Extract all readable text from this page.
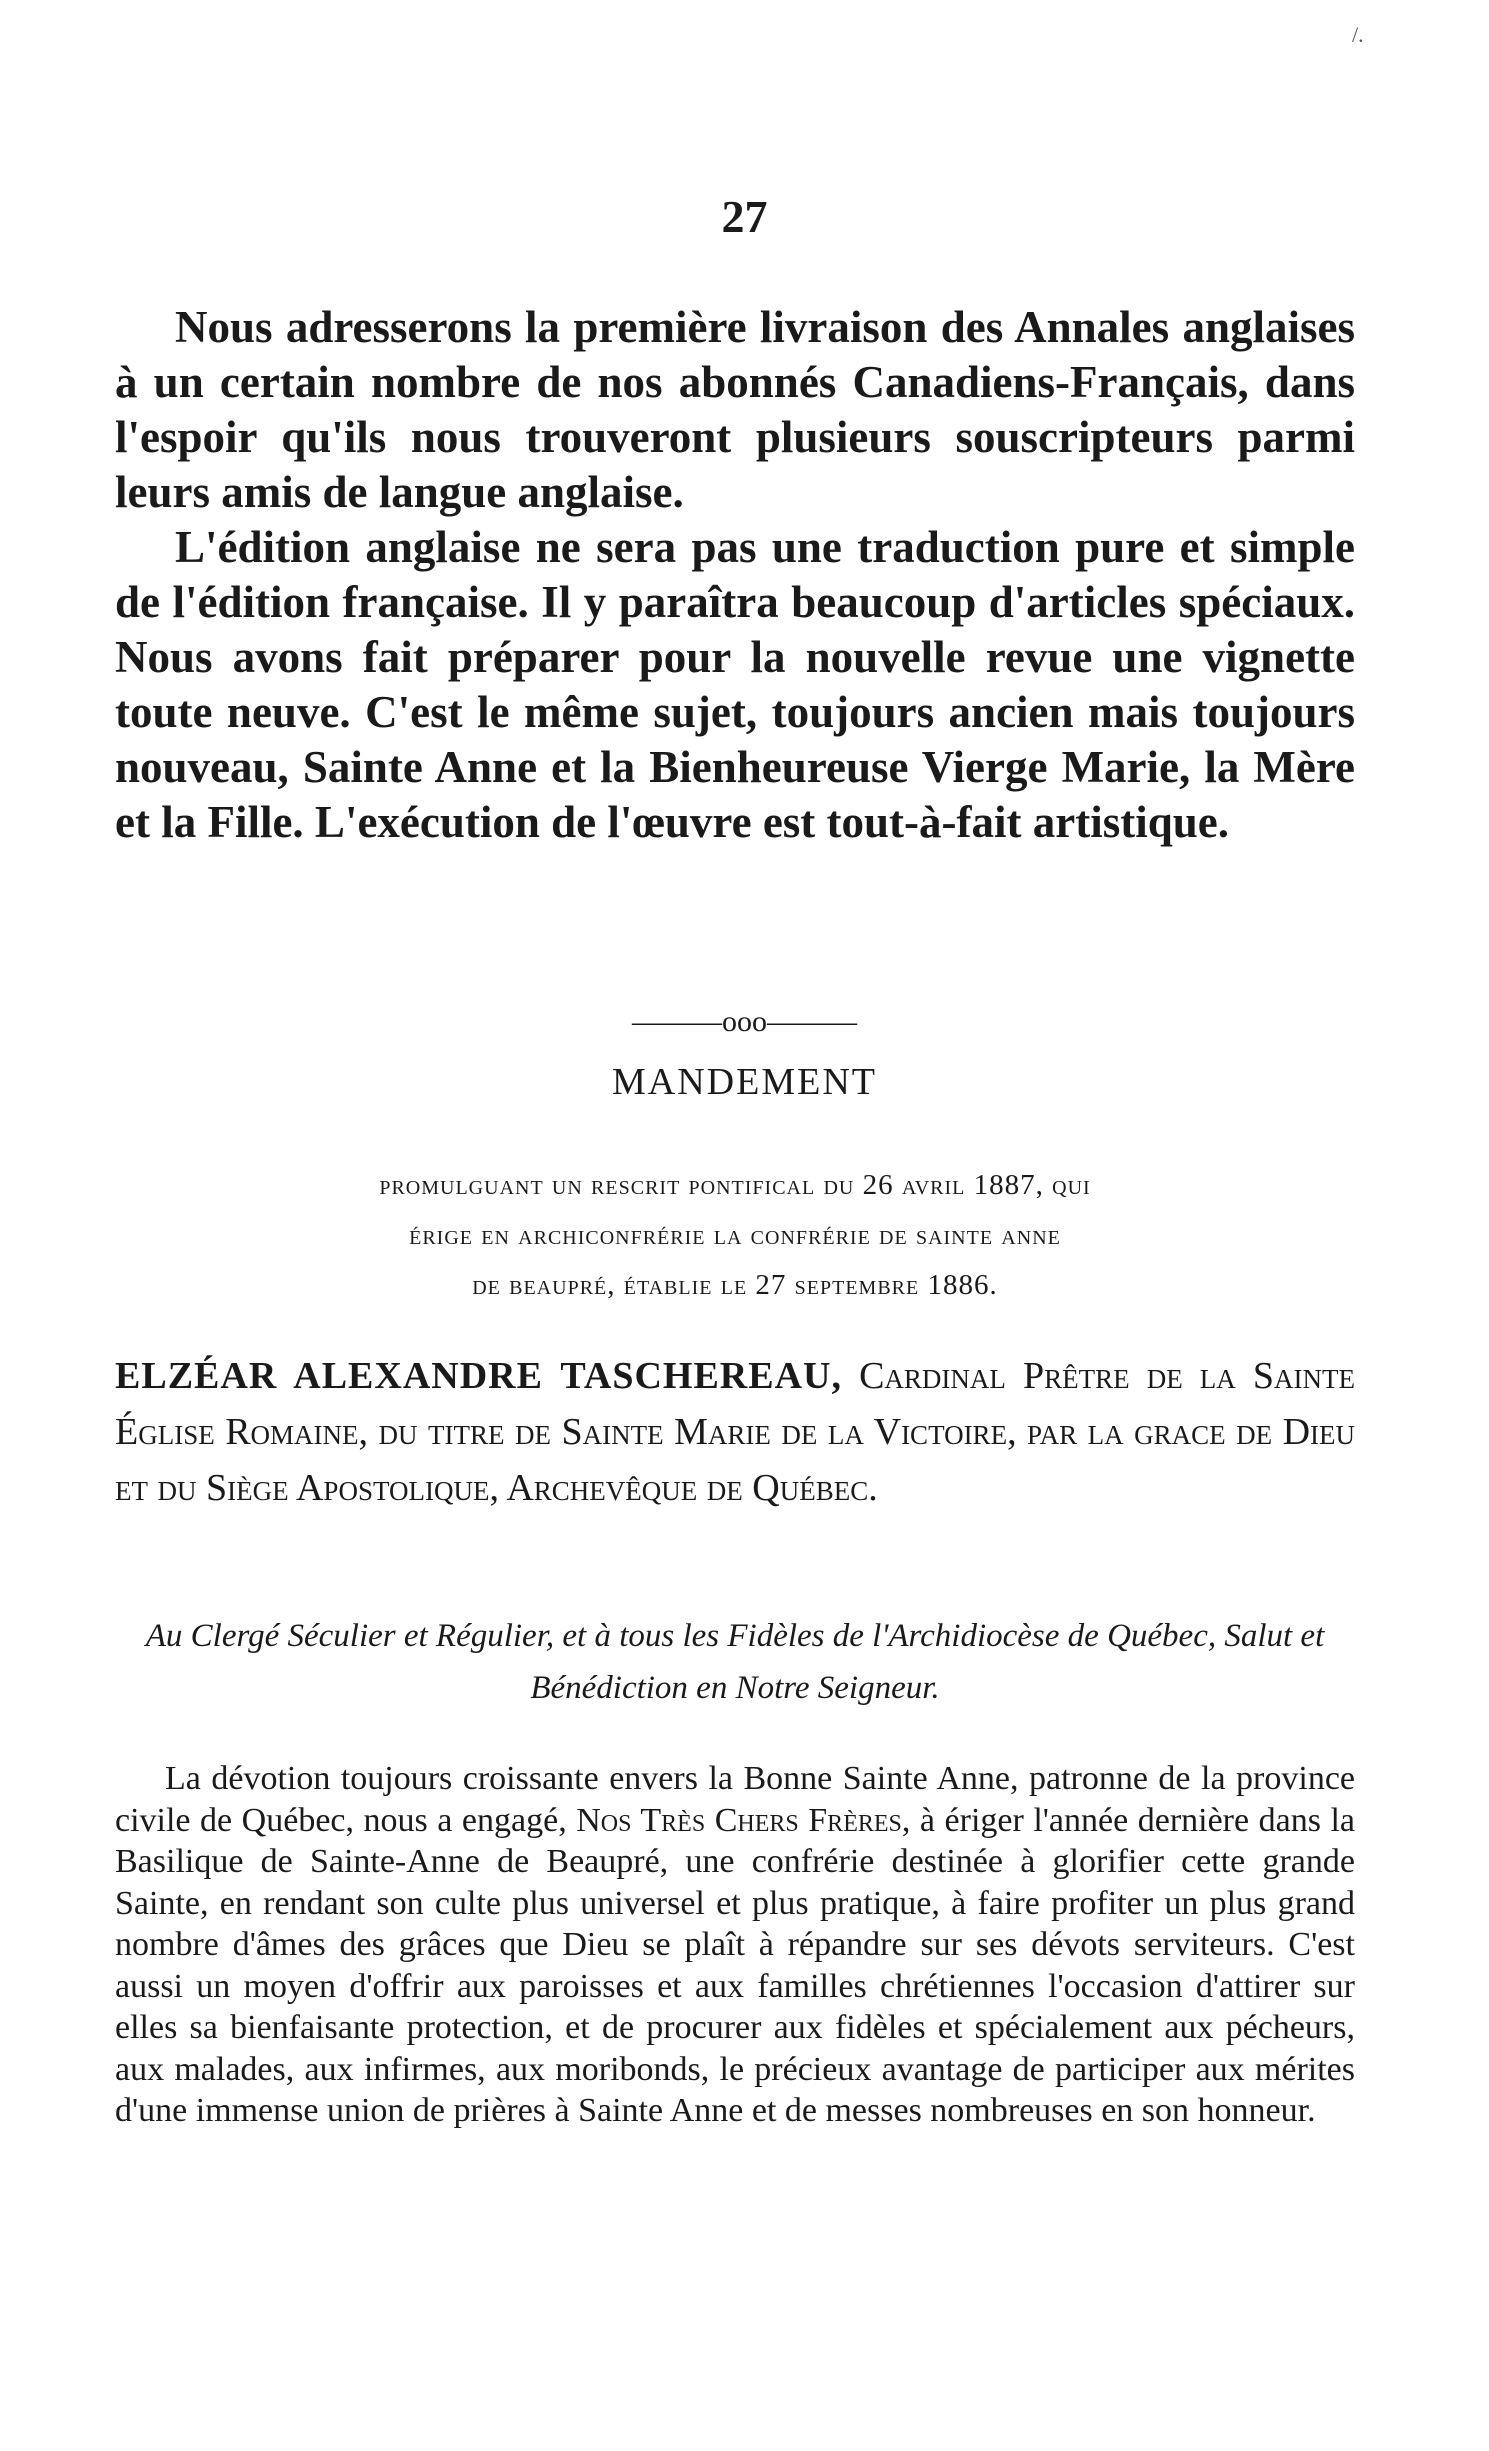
/.
27

Nous adresserons la première livraison des Annales anglaises à un certain nombre de nos abonnés Canadiens-Français, dans l'espoir qu'ils nous trouveront plusieurs souscripteurs parmi leurs amis de langue anglaise.

L'édition anglaise ne sera pas une traduction pure et simple de l'édition française. Il y paraîtra beaucoup d'articles spéciaux. Nous avons fait préparer pour la nouvelle revue une vignette toute neuve. C'est le même sujet, toujours ancien mais toujours nouveau, Sainte Anne et la Bienheureuse Vierge Marie, la Mère et la Fille. L'exécution de l'œuvre est tout-à-fait artistique.

———ooo———
MANDEMENT
promulguant un rescrit pontifical du 26 avril 1887, qui
érige en archiconfrérie la confrérie de sainte anne
de beaupré, établie le 27 septembre 1886.
ELZÉAR ALEXANDRE TASCHEREAU, Cardinal Prêtre de la Sainte Église Romaine, du titre de Sainte Marie de la Victoire, par la grace de Dieu et du Siège Apostolique, Archevêque de Québec.
Au Clergé Séculier et Régulier, et à tous les Fidèles de l'Archidiocèse de Québec, Salut et Bénédiction en Notre Seigneur.
La dévotion toujours croissante envers la Bonne Sainte Anne, patronne de la province civile de Québec, nous a engagé, Nos Très Chers Frères, à ériger l'année dernière dans la Basilique de Sainte-Anne de Beaupré, une confrérie destinée à glorifier cette grande Sainte, en rendant son culte plus universel et plus pratique, à faire profiter un plus grand nombre d'âmes des grâces que Dieu se plaît à répandre sur ses dévots serviteurs. C'est aussi un moyen d'offrir aux paroisses et aux familles chrétiennes l'occasion d'attirer sur elles sa bienfaisante protection, et de procurer aux fidèles et spécialement aux pécheurs, aux malades, aux infirmes, aux moribonds, le précieux avantage de participer aux mérites d'une immense union de prières à Sainte Anne et de messes nombreuses en son honneur.
